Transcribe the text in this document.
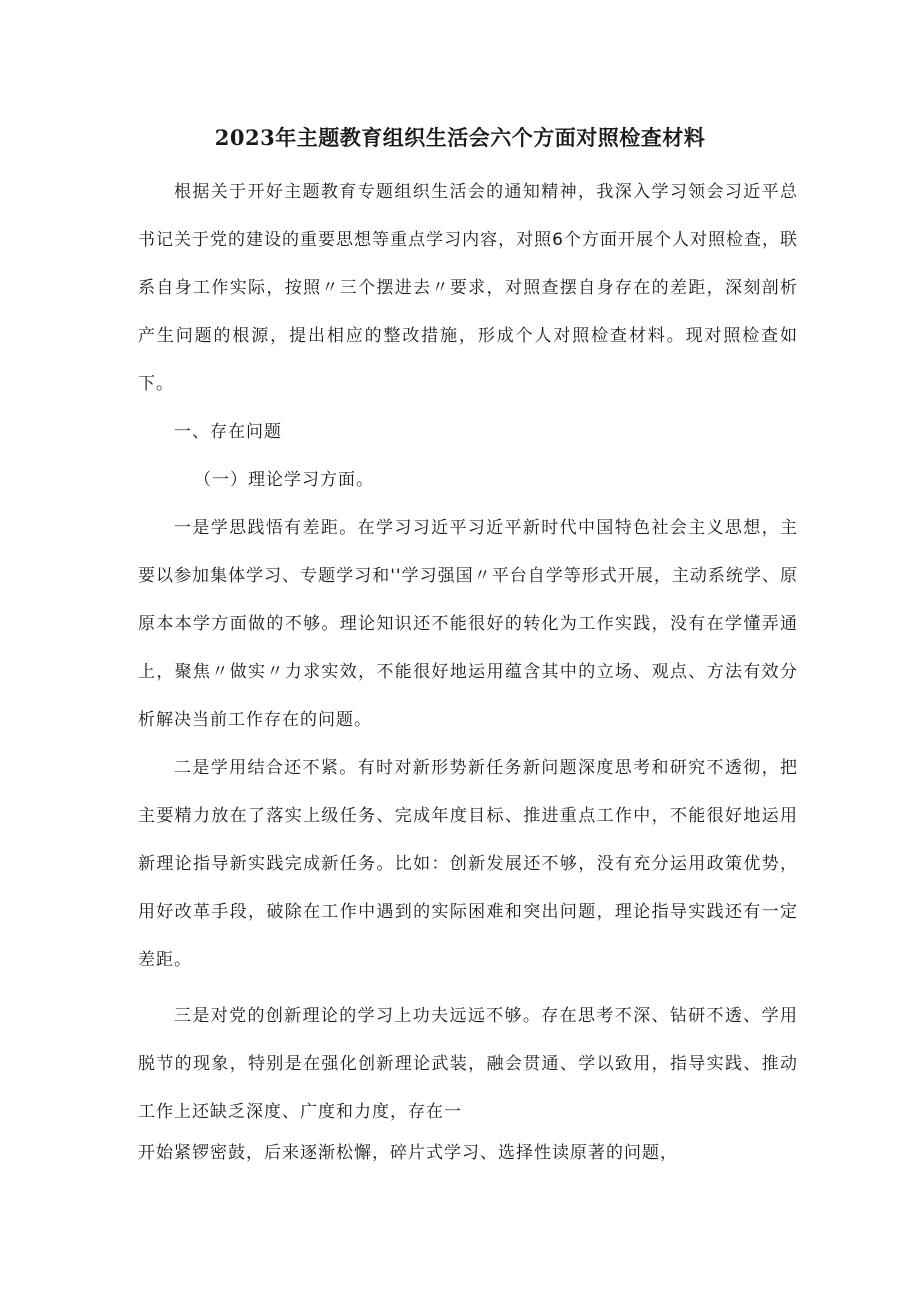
2023年主题教育组织生活会六个方面对照检查材料

根据关于开好主题教育专题组织生活会的通知精神，我深入学习领会习近平总书记关于党的建设的重要思想等重点学习内容，对照6个方面开展个人对照检查，联系自身工作实际，按照〃三个摆进去〃要求，对照查摆自身存在的差距，深刻剖析产生问题的根源，提出相应的整改措施，形成个人对照检查材料。现对照检查如下。

一、存在问题

（一）理论学习方面。

一是学思践悟有差距。在学习习近平习近平新时代中国特色社会主义思想，主要以参加集体学习、专题学习和''学习强国〃平台自学等形式开展，主动系统学、原原本本学方面做的不够。理论知识还不能很好的转化为工作实践，没有在学懂弄通上，聚焦〃做实〃力求实效，不能很好地运用蕴含其中的立场、观点、方法有效分析解决当前工作存在的问题。

二是学用结合还不紧。有时对新形势新任务新问题深度思考和研究不透彻，把主要精力放在了落实上级任务、完成年度目标、推进重点工作中，不能很好地运用新理论指导新实践完成新任务。比如：创新发展还不够，没有充分运用政策优势，用好改革手段，破除在工作中遇到的实际困难和突出问题，理论指导实践还有一定差距。

三是对党的创新理论的学习上功夫远远不够。存在思考不深、钻研不透、学用脱节的现象，特别是在强化创新理论武装，融会贯通、学以致用，指导实践、推动工作上还缺乏深度、广度和力度，存在一

开始紧锣密鼓，后来逐渐松懈，碎片式学习、选择性读原著的问题，
